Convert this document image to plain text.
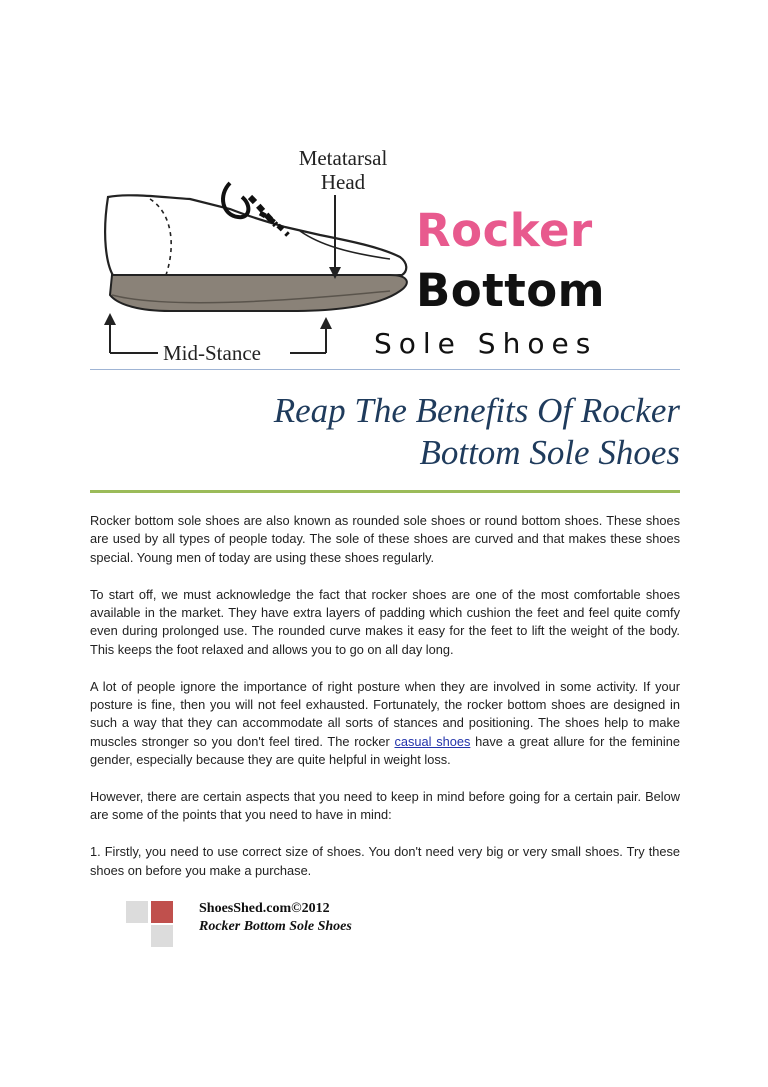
Metatarsal
Head
Mid-Stance
Rocker
Bottom
Sole Shoes
Reap The Benefits Of Rocker
Bottom Sole Shoes

Rocker bottom sole shoes are also known as rounded sole shoes or round bottom shoes. These shoes are used by all types of people today. The sole of these shoes are curved and that makes these shoes special. Young men of today are using these shoes regularly.

To start off, we must acknowledge the fact that rocker shoes are one of the most comfortable shoes available in the market. They have extra layers of padding which cushion the feet and feel quite comfy even during prolonged use. The rounded curve makes it easy for the feet to lift the weight of the body. This keeps the foot relaxed and allows you to go on all day long.

A lot of people ignore the importance of right posture when they are involved in some activity. If your posture is fine, then you will not feel exhausted. Fortunately, the rocker bottom shoes are designed in such a way that they can accommodate all sorts of stances and positioning. The shoes help to make muscles stronger so you don't feel tired. The rocker casual shoes have a great allure for the feminine gender, especially because they are quite helpful in weight loss.

However, there are certain aspects that you need to keep in mind before going for a certain pair. Below are some of the points that you need to have in mind:

1. Firstly, you need to use correct size of shoes. You don't need very big or very small shoes. Try these shoes on before you make a purchase.

ShoesShed.com©2012
Rocker Bottom Sole Shoes
